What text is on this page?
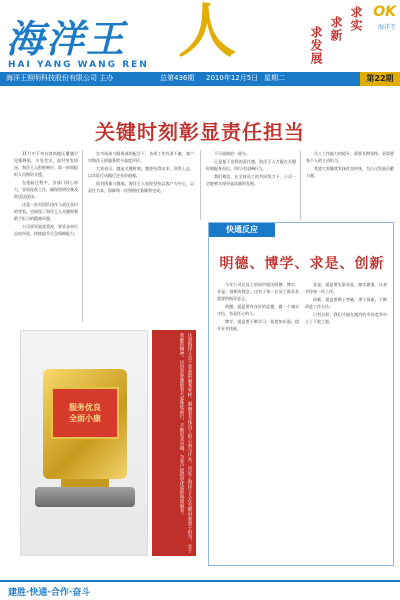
海洋王 人
HAI YANG WANG REN
求实
求新
求发展
OK
海洋王
海洋王照明科技股份有限公司 主办	总第436期 2010年12月5日 星期二	第22期
关键时刻彰显责任担当

11月中下旬台湾南地区遭遇罕见强降雨，多处受灾。面对突发情况，海洋王人积极响应，第一时间组织人员物资支援。

在抢险过程中，各部门同心协力，冒雨连夜工作，确保照明设备及时送达现场。

这是一次对团队协作与责任意识的考验，也展现了海洋王人关键时刻敢于担当的精神风貌。

公司领导高度重视，要求各单位总结经验，持续提升应急保障能力。

在市场部与服务部的配合下，各项工作有条不紊，客户对海洋王的服务给予高度评价。

大家表示，越是关键时刻，越要站得出来、顶得上去，以实际行动践行企业价值观。

面对困难与挑战，海洋王人始终坚持以客户为中心，以责任为本，保障每一次照明任务顺利完成。

不可或缺的一部分。

正是基于这样的责任感，海洋王人才能在关键时刻挺身而出，用行动诠释担当。

我们相信，在全体员工的共同努力下，公司一定能够实现更高质量的发展。

员工工作能力的提升，需要长期坚持，更需要每个人的主动担当。

希望大家继续发扬优良传统，为公司发展贡献力量。

服务优良
全面小康	这是海洋王员工荣获的服务奖杯，凝聚着全体员工的心血与汗水，见证了海洋王人在关键时刻勇于担当、甘于奉献的精神。这份荣誉激励着大家继续前行，不断追求卓越，为客户提供更优质的照明服务。
快通反应
明德、博学、求是、创新

今年公司在员工培训中提出明德、博学、求是、创新的理念，这对于每一位员工都具有重要的指导意义。

明德，就是要有良好的品德，做一个诚实守信、有责任心的人。

博学，就是要不断学习，拓宽知识面，提升专业技能。

求是，就是要实事求是，踏实做事，认真对待每一项工作。

创新，就是要敢于突破，勇于探索，不断改进工作方法。

只有这样，我们才能在激烈的市场竞争中立于不败之地。

建胜·快通·合作·奋斗
